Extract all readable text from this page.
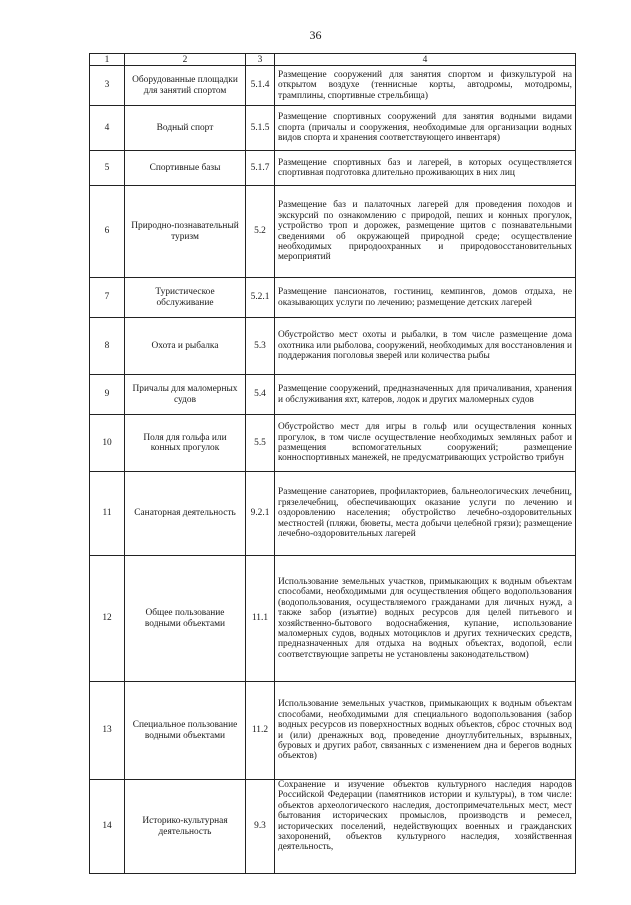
36
1	2	3	4
3	Оборудованные площадки для занятий спортом	5.1.4	Размещение сооружений для занятия спортом и физкультурой на открытом воздухе (теннисные корты, автодромы, мотодромы, трамплины, спортивные стрельбища)
4	Водный спорт	5.1.5	Размещение спортивных сооружений для занятия водными видами спорта (причалы и сооружения, необходимые для организации водных видов спорта и хранения соответствующего инвентаря)
5	Спортивные базы	5.1.7	Размещение спортивных баз и лагерей, в которых осуществляется спортивная подготовка длительно проживающих в них лиц
6	Природно-познавательный туризм	5.2	Размещение баз и палаточных лагерей для проведения походов и экскурсий по ознакомлению с природой, пеших и конных прогулок, устройство троп и дорожек, размещение щитов с познавательными сведениями об окружающей природной среде; осуществление необходимых природоохранных и природовосстановительных мероприятий
7	Туристическое обслуживание	5.2.1	Размещение пансионатов, гостиниц, кемпингов, домов отдыха, не оказывающих услуги по лечению; размещение детских лагерей
8	Охота и рыбалка	5.3	Обустройство мест охоты и рыбалки, в том числе размещение дома охотника или рыболова, сооружений, необходимых для восстановления и поддержания поголовья зверей или количества рыбы
9	Причалы для маломерных судов	5.4	Размещение сооружений, предназначенных для причаливания, хранения и обслуживания яхт, катеров, лодок и других маломерных судов
10	Поля для гольфа или конных прогулок	5.5	Обустройство мест для игры в гольф или осуществления конных прогулок, в том числе осуществление необходимых земляных работ и размещения вспомогательных сооружений; размещение конноспортивных манежей, не предусматривающих устройство трибун
11	Санаторная деятельность	9.2.1	Размещение санаториев, профилакториев, бальнеологических лечебниц, грязелечебниц, обеспечивающих оказание услуги по лечению и оздоровлению населения; обустройство лечебно-оздоровительных местностей (пляжи, бюветы, места добычи целебной грязи); размещение лечебно-оздоровительных лагерей
12	Общее пользование водными объектами	11.1	Использование земельных участков, примыкающих к водным объектам способами, необходимыми для осуществления общего водопользования (водопользования, осуществляемого гражданами для личных нужд, а также забор (изъятие) водных ресурсов для целей питьевого и хозяйственно-бытового водоснабжения, купание, использование маломерных судов, водных мотоциклов и других технических средств, предназначенных для отдыха на водных объектах, водопой, если соответствующие запреты не установлены законодательством)
13	Специальное пользование водными объектами	11.2	Использование земельных участков, примыкающих к водным объектам способами, необходимыми для специального водопользования (забор водных ресурсов из поверхностных водных объектов, сброс сточных вод и (или) дренажных вод, проведение дноуглубительных, взрывных, буровых и других работ, связанных с изменением дна и берегов водных объектов)
14	Историко-культурная деятельность	9.3	Сохранение и изучение объектов культурного наследия народов Российской Федерации (памятников истории и культуры), в том числе: объектов археологического наследия, достопримечательных мест, мест бытования исторических промыслов, производств и ремесел, исторических поселений, недействующих военных и гражданских захоронений, объектов культурного наследия, хозяйственная деятельность,
